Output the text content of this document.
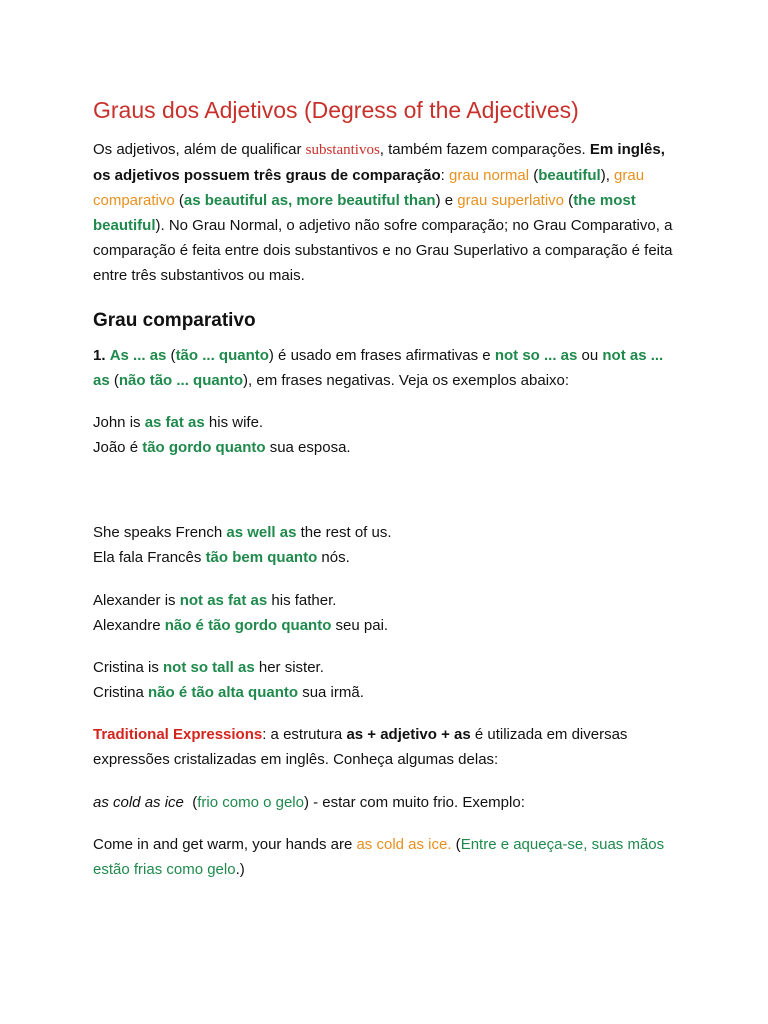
Graus dos Adjetivos (Degress of the Adjectives)

Os adjetivos, além de qualificar substantivos, também fazem comparações. Em inglês, os adjetivos possuem três graus de comparação: grau normal (beautiful), grau comparativo (as beautiful as, more beautiful than) e grau superlativo (the most beautiful). No Grau Normal, o adjetivo não sofre comparação; no Grau Comparativo, a comparação é feita entre dois substantivos e no Grau Superlativo a comparação é feita entre três substantivos ou mais.

Grau comparativo

1. As ... as (tão ... quanto) é usado em frases afirmativas e not so ... as ou not as ... as (não tão ... quanto), em frases negativas. Veja os exemplos abaixo:

John is as fat as his wife.
João é tão gordo quanto sua esposa.

She speaks French as well as the rest of us.
Ela fala Francês tão bem quanto nós.

Alexander is not as fat as his father.
Alexandre não é tão gordo quanto seu pai.

Cristina is not so tall as her sister.
Cristina não é tão alta quanto sua irmã.

Traditional Expressions: a estrutura as + adjetivo + as é utilizada em diversas expressões cristalizadas em inglês. Conheça algumas delas:

as cold as ice  (frio como o gelo) - estar com muito frio. Exemplo:

Come in and get warm, your hands are as cold as ice. (Entre e aqueça-se, suas mãos estão frias como gelo.)
